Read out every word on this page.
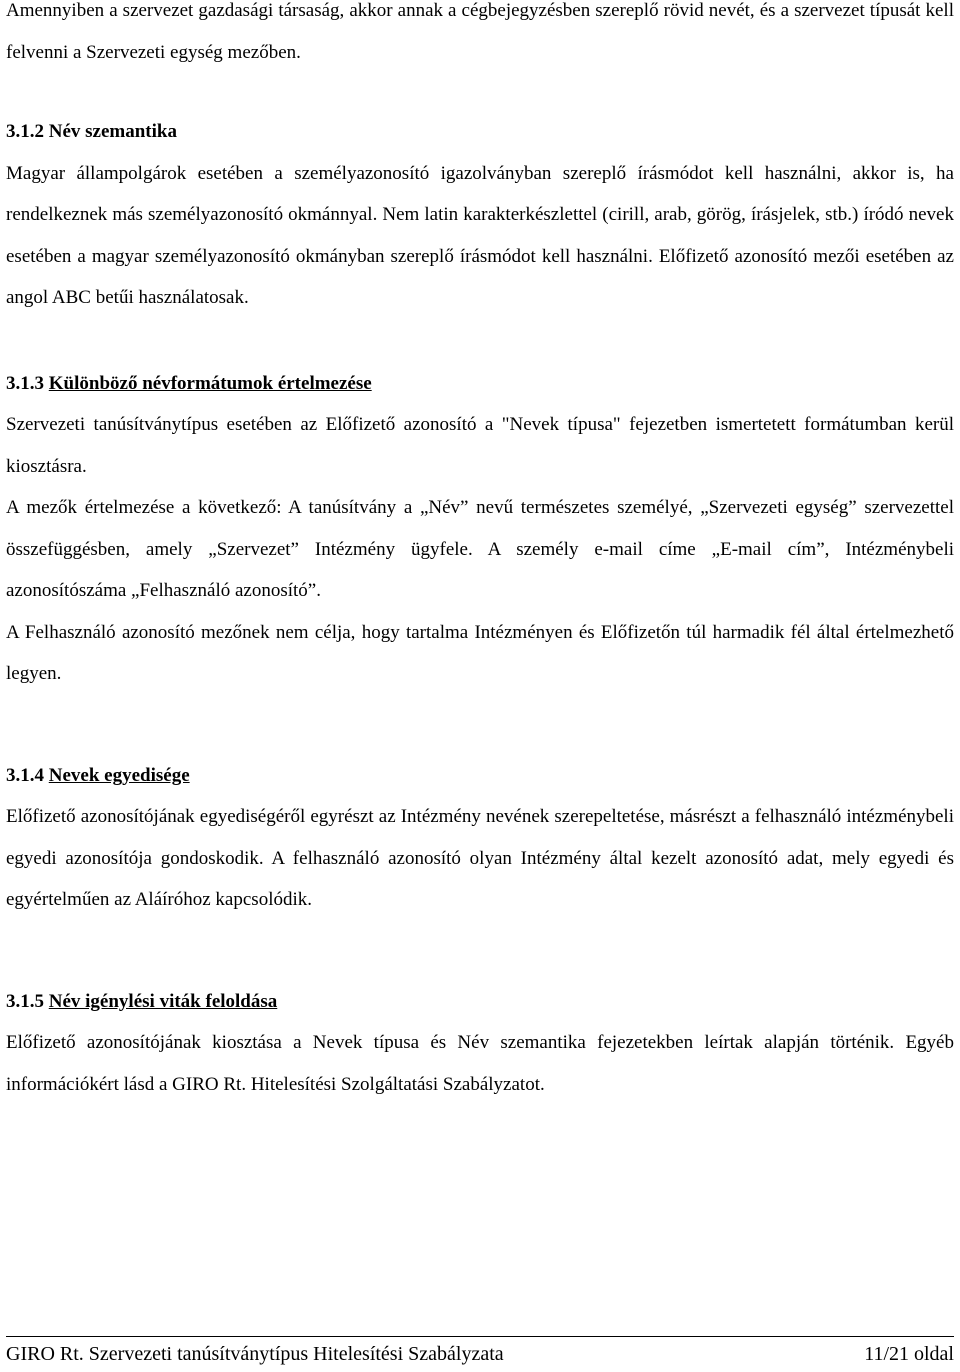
Amennyiben a szervezet gazdasági társaság, akkor annak a cégbejegyzésben szereplő rövid nevét, és a szervezet típusát kell felvenni a Szervezeti egység mezőben.

3.1.2 Név szemantika

Magyar állampolgárok esetében a személyazonosító igazolványban szereplő írásmódot kell használni, akkor is, ha rendelkeznek más személyazonosító okmánnyal. Nem latin karakterkészlettel (cirill, arab, görög, írásjelek, stb.) íródó nevek esetében a magyar személyazonosító okmányban szereplő írásmódot kell használni. Előfizető azonosító mezői esetében az angol ABC betűi használatosak.

3.1.3 Különböző névformátumok értelmezése

Szervezeti tanúsítványtípus esetében az Előfizető azonosító a "Nevek típusa" fejezetben ismertetett formátumban kerül kiosztásra.

A mezők értelmezése a következő: A tanúsítvány a „Név” nevű természetes személyé, „Szervezeti egység” szervezettel összefüggésben, amely „Szervezet” Intézmény ügyfele. A személy e-mail címe „E-mail cím”, Intézménybeli azonosítószáma „Felhasználó azonosító”.

A Felhasználó azonosító mezőnek nem célja, hogy tartalma Intézményen és Előfizetőn túl harmadik fél által értelmezhető legyen.

3.1.4 Nevek egyedisége

Előfizető azonosítójának egyediségéről egyrészt az Intézmény nevének szerepeltetése, másrészt a felhasználó intézménybeli egyedi azonosítója gondoskodik. A felhasználó azonosító olyan Intézmény által kezelt azonosító adat, mely egyedi és egyértelműen az Aláíróhoz kapcsolódik.

3.1.5 Név igénylési viták feloldása

Előfizető azonosítójának kiosztása a Nevek típusa és Név szemantika fejezetekben leírtak alapján történik. Egyéb információkért lásd a GIRO Rt. Hitelesítési Szolgáltatási Szabályzatot.

GIRO Rt. Szervezeti tanúsítványtípus Hitelesítési Szabályzata	11/21 oldal
